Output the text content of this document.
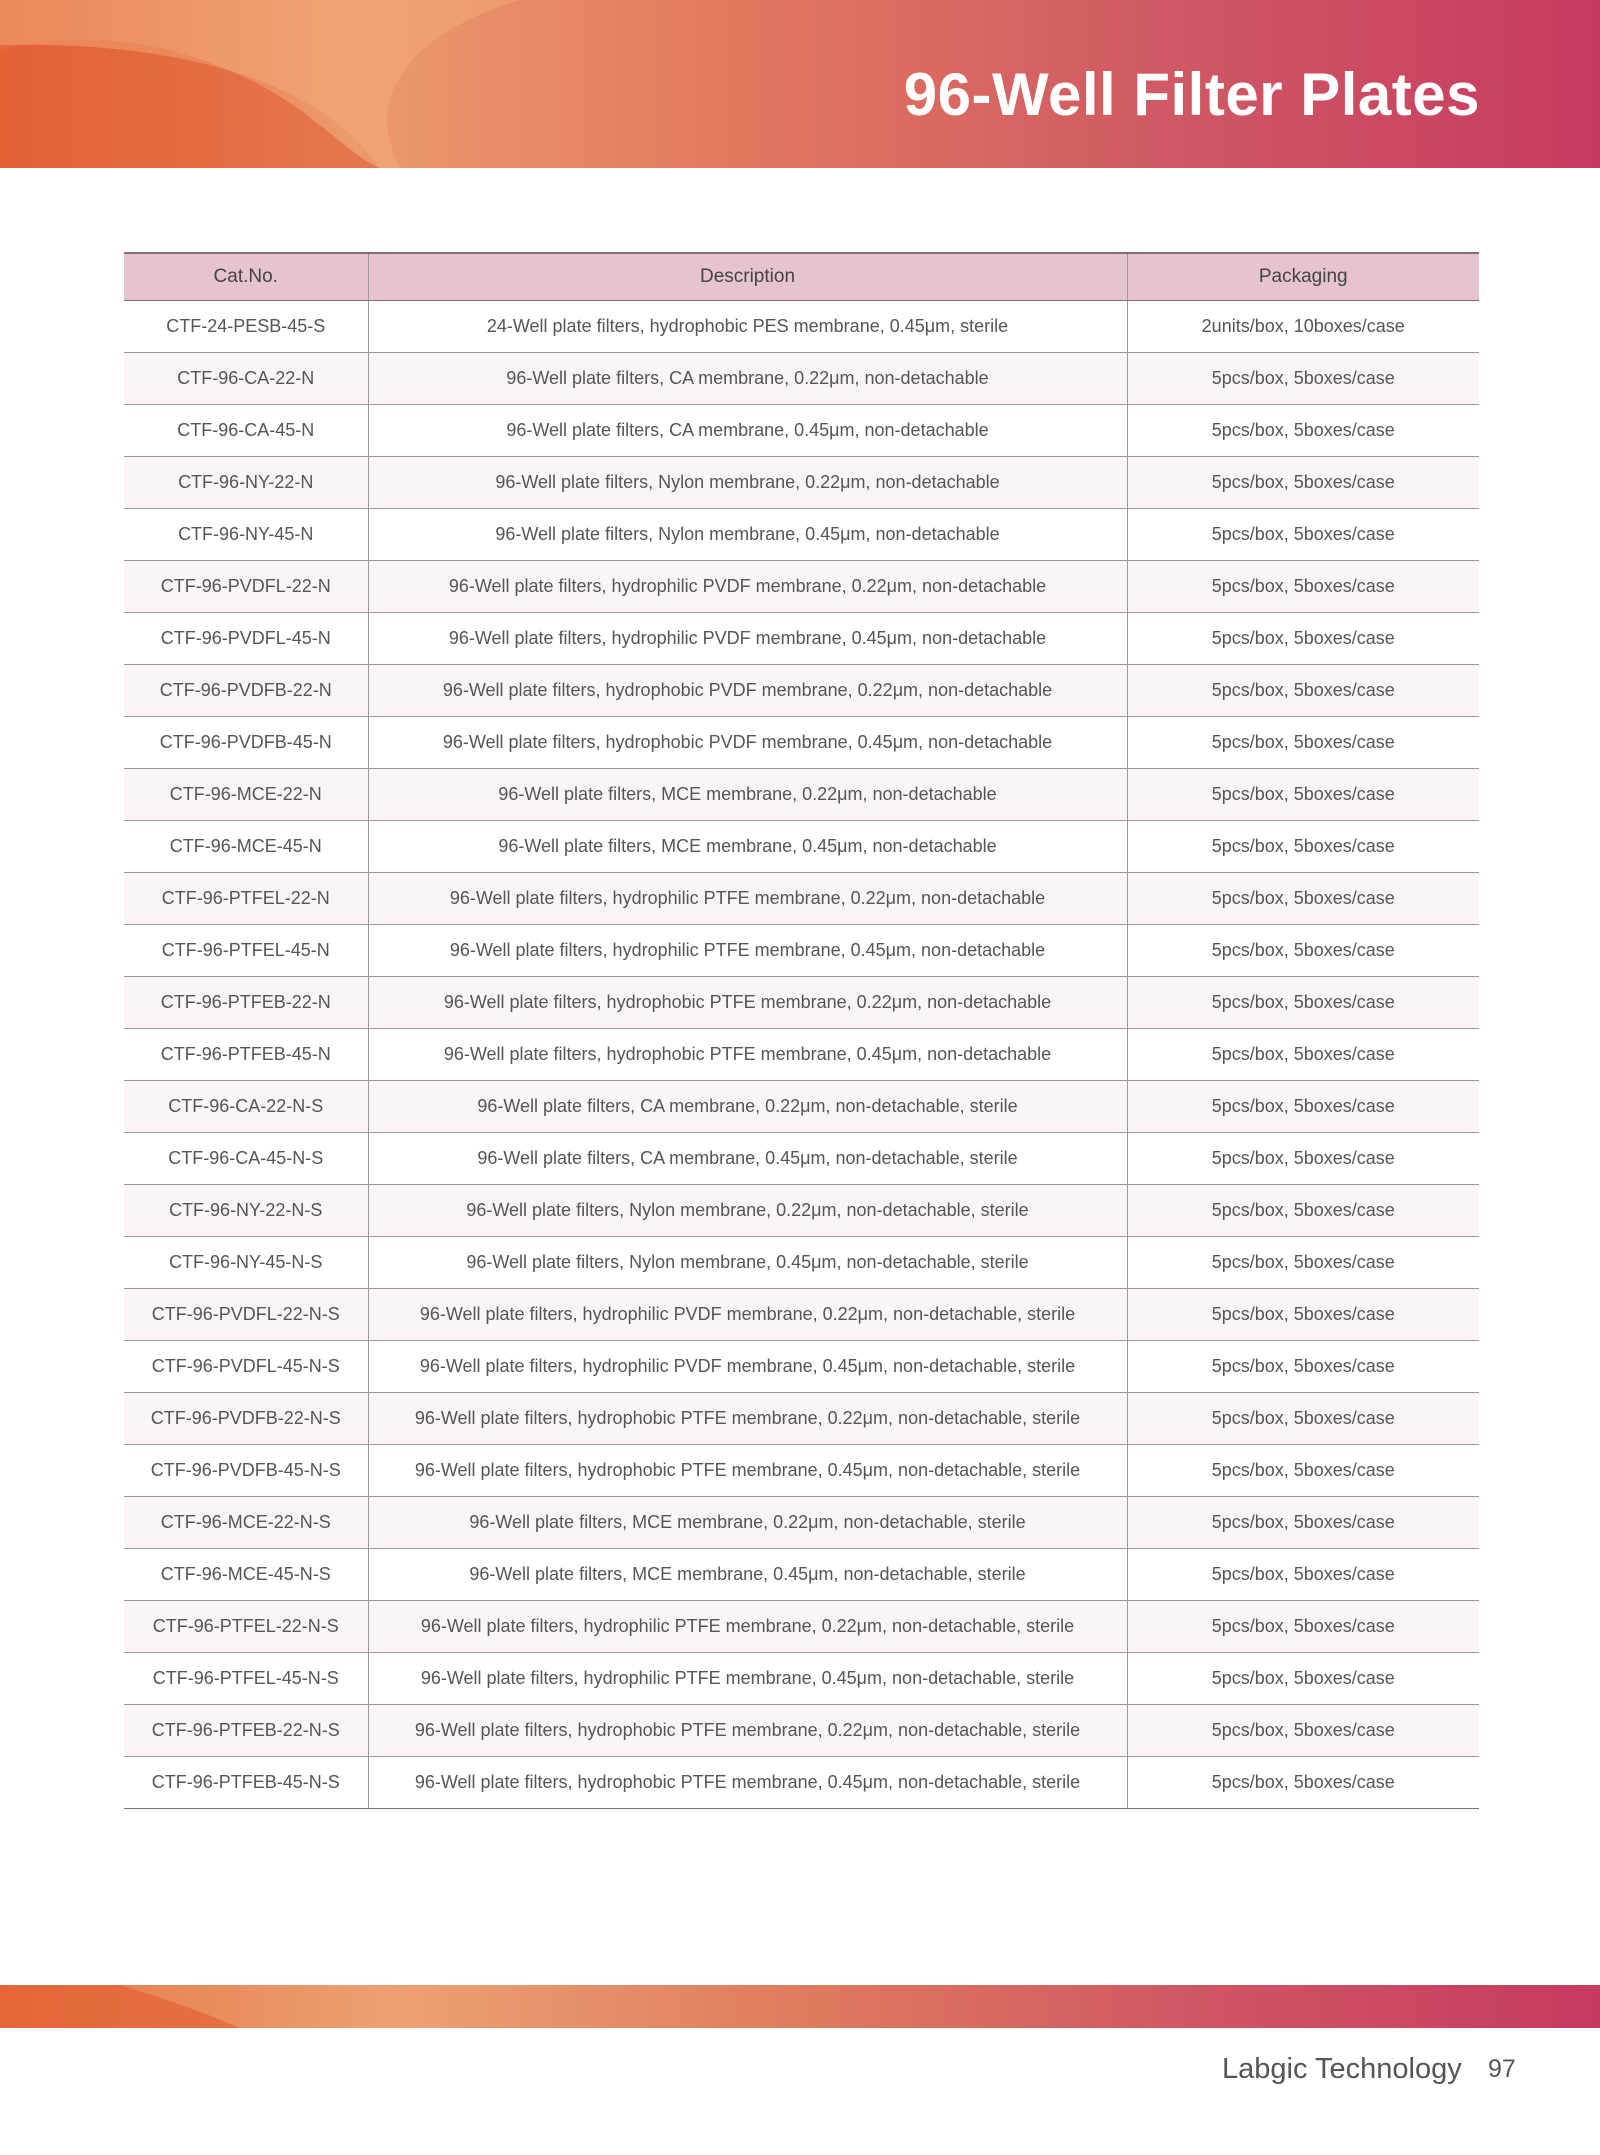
96-Well Filter Plates
Cat.No.	Description	Packaging
CTF-24-PESB-45-S	24-Well plate filters, hydrophobic PES membrane, 0.45μm, sterile	2units/box, 10boxes/case
CTF-96-CA-22-N	96-Well plate filters, CA membrane, 0.22μm, non-detachable	5pcs/box, 5boxes/case
CTF-96-CA-45-N	96-Well plate filters, CA membrane, 0.45μm, non-detachable	5pcs/box, 5boxes/case
CTF-96-NY-22-N	96-Well plate filters, Nylon membrane, 0.22μm, non-detachable	5pcs/box, 5boxes/case
CTF-96-NY-45-N	96-Well plate filters, Nylon membrane, 0.45μm, non-detachable	5pcs/box, 5boxes/case
CTF-96-PVDFL-22-N	96-Well plate filters, hydrophilic PVDF membrane, 0.22μm, non-detachable	5pcs/box, 5boxes/case
CTF-96-PVDFL-45-N	96-Well plate filters, hydrophilic PVDF membrane, 0.45μm, non-detachable	5pcs/box, 5boxes/case
CTF-96-PVDFB-22-N	96-Well plate filters, hydrophobic PVDF membrane, 0.22μm, non-detachable	5pcs/box, 5boxes/case
CTF-96-PVDFB-45-N	96-Well plate filters, hydrophobic PVDF membrane, 0.45μm, non-detachable	5pcs/box, 5boxes/case
CTF-96-MCE-22-N	96-Well plate filters, MCE membrane, 0.22μm, non-detachable	5pcs/box, 5boxes/case
CTF-96-MCE-45-N	96-Well plate filters, MCE membrane, 0.45μm, non-detachable	5pcs/box, 5boxes/case
CTF-96-PTFEL-22-N	96-Well plate filters, hydrophilic PTFE membrane, 0.22μm, non-detachable	5pcs/box, 5boxes/case
CTF-96-PTFEL-45-N	96-Well plate filters, hydrophilic PTFE membrane, 0.45μm, non-detachable	5pcs/box, 5boxes/case
CTF-96-PTFEB-22-N	96-Well plate filters, hydrophobic PTFE membrane, 0.22μm, non-detachable	5pcs/box, 5boxes/case
CTF-96-PTFEB-45-N	96-Well plate filters, hydrophobic PTFE membrane, 0.45μm, non-detachable	5pcs/box, 5boxes/case
CTF-96-CA-22-N-S	96-Well plate filters, CA membrane, 0.22μm, non-detachable, sterile	5pcs/box, 5boxes/case
CTF-96-CA-45-N-S	96-Well plate filters, CA membrane, 0.45μm, non-detachable, sterile	5pcs/box, 5boxes/case
CTF-96-NY-22-N-S	96-Well plate filters, Nylon membrane, 0.22μm, non-detachable, sterile	5pcs/box, 5boxes/case
CTF-96-NY-45-N-S	96-Well plate filters, Nylon membrane, 0.45μm, non-detachable, sterile	5pcs/box, 5boxes/case
CTF-96-PVDFL-22-N-S	96-Well plate filters, hydrophilic PVDF membrane, 0.22μm, non-detachable, sterile	5pcs/box, 5boxes/case
CTF-96-PVDFL-45-N-S	96-Well plate filters, hydrophilic PVDF membrane, 0.45μm, non-detachable, sterile	5pcs/box, 5boxes/case
CTF-96-PVDFB-22-N-S	96-Well plate filters, hydrophobic PTFE membrane, 0.22μm, non-detachable, sterile	5pcs/box, 5boxes/case
CTF-96-PVDFB-45-N-S	96-Well plate filters, hydrophobic PTFE membrane, 0.45μm, non-detachable, sterile	5pcs/box, 5boxes/case
CTF-96-MCE-22-N-S	96-Well plate filters, MCE membrane, 0.22μm, non-detachable, sterile	5pcs/box, 5boxes/case
CTF-96-MCE-45-N-S	96-Well plate filters, MCE membrane, 0.45μm, non-detachable, sterile	5pcs/box, 5boxes/case
CTF-96-PTFEL-22-N-S	96-Well plate filters, hydrophilic PTFE membrane, 0.22μm, non-detachable, sterile	5pcs/box, 5boxes/case
CTF-96-PTFEL-45-N-S	96-Well plate filters, hydrophilic PTFE membrane, 0.45μm, non-detachable, sterile	5pcs/box, 5boxes/case
CTF-96-PTFEB-22-N-S	96-Well plate filters, hydrophobic PTFE membrane, 0.22μm, non-detachable, sterile	5pcs/box, 5boxes/case
CTF-96-PTFEB-45-N-S	96-Well plate filters, hydrophobic PTFE membrane, 0.45μm, non-detachable, sterile	5pcs/box, 5boxes/case
Labgic Technology 97
